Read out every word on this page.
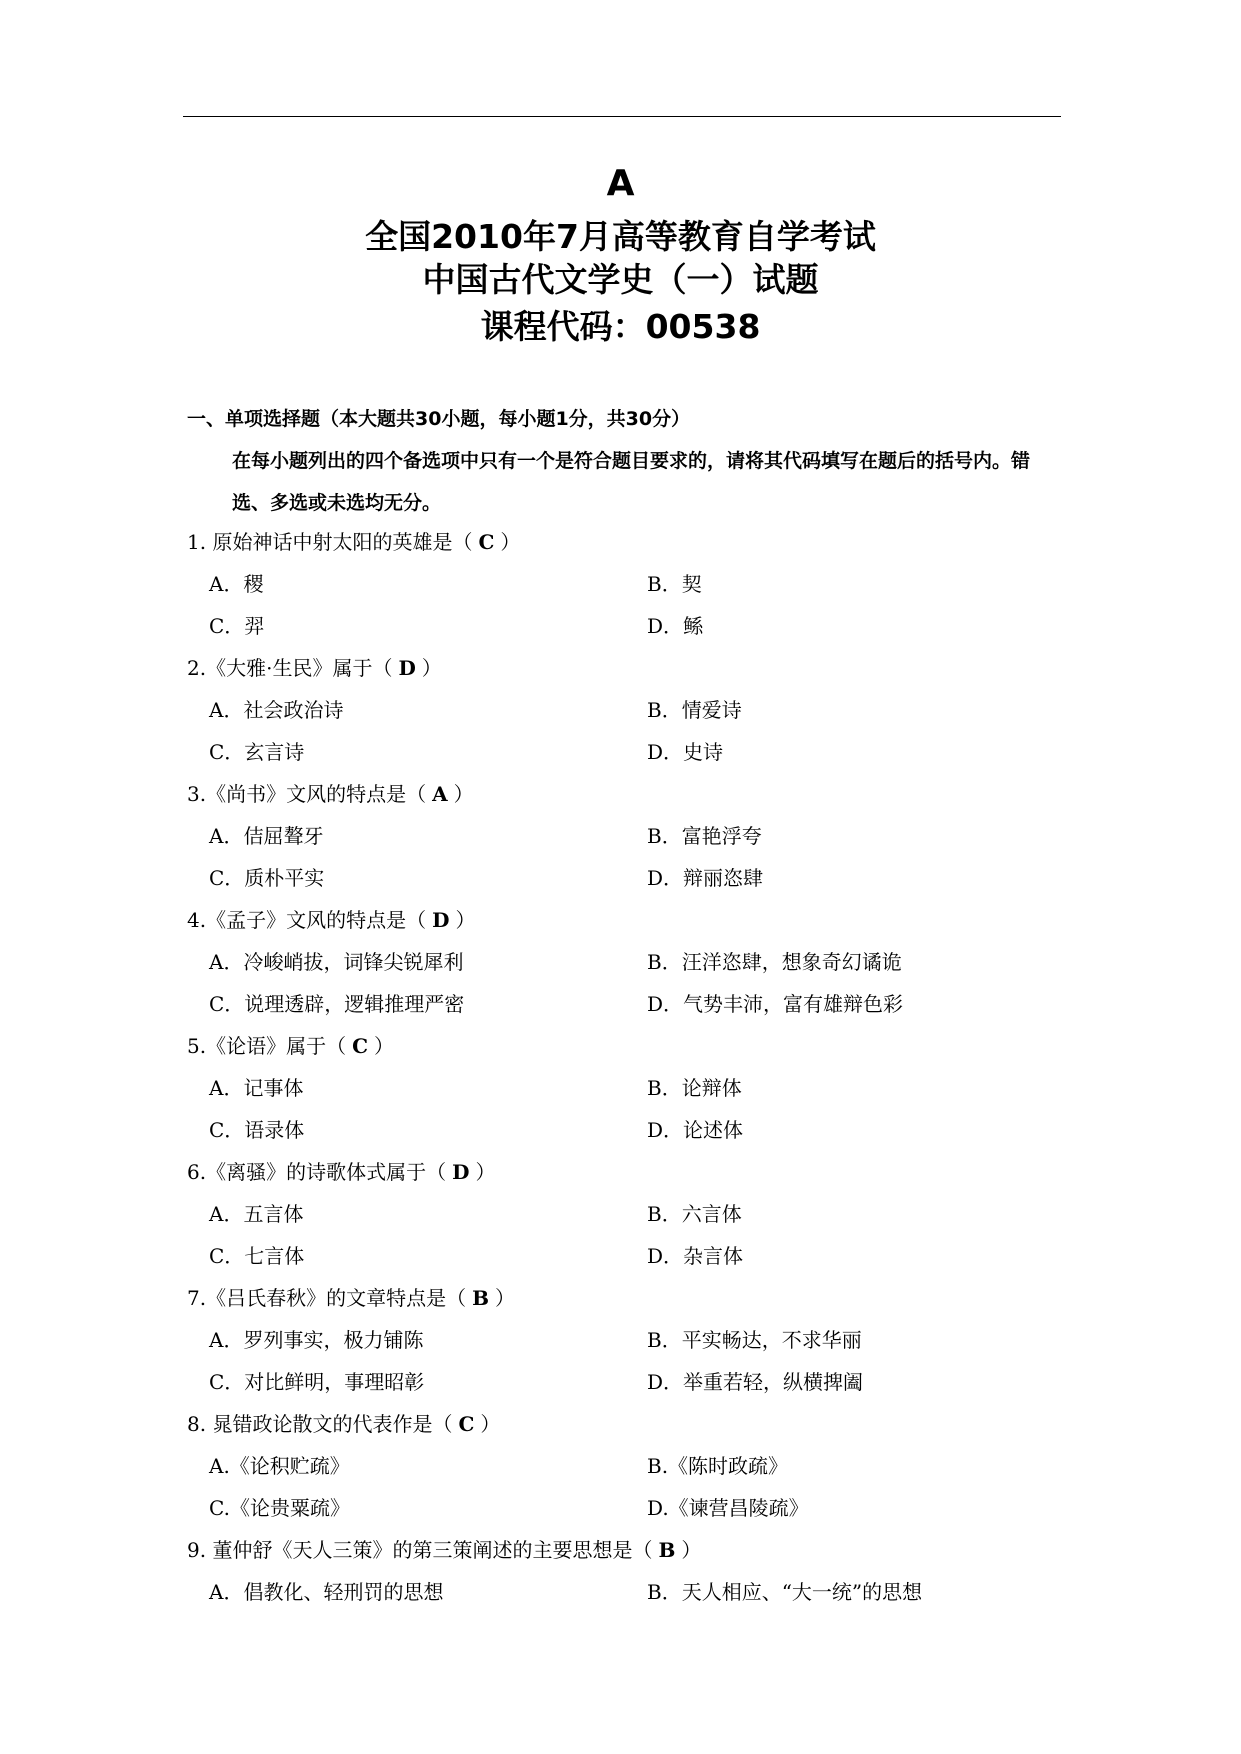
A
全国2010年7月高等教育自学考试
中国古代文学史（一）试题
课程代码：00538
一、单项选择题（本大题共30小题，每小题1分，共30分）
在每小题列出的四个备选项中只有一个是符合题目要求的，请将其代码填写在题后的括号内。错选、多选或未选均无分。
1. 原始神话中射太阳的英雄是（ C ）
A．稷	B．契
C．羿	D．鲧
2.《大雅·生民》属于（ D ）
A．社会政治诗	B．情爱诗
C．玄言诗	D．史诗
3.《尚书》文风的特点是（ A ）
A．佶屈聱牙	B．富艳浮夸
C．质朴平实	D．辩丽恣肆
4.《孟子》文风的特点是（ D ）
A．冷峻峭拔，词锋尖锐犀利	B．汪洋恣肆，想象奇幻谲诡
C．说理透辟，逻辑推理严密	D．气势丰沛，富有雄辩色彩
5.《论语》属于（ C ）
A．记事体	B．论辩体
C．语录体	D．论述体
6.《离骚》的诗歌体式属于（ D ）
A．五言体	B．六言体
C．七言体	D．杂言体
7.《吕氏春秋》的文章特点是（ B ）
A．罗列事实，极力铺陈	B．平实畅达，不求华丽
C．对比鲜明，事理昭彰	D．举重若轻，纵横捭阖
8. 晁错政论散文的代表作是（ C ）
A.《论积贮疏》	B.《陈时政疏》
C.《论贵粟疏》	D.《谏营昌陵疏》
9. 董仲舒《天人三策》的第三策阐述的主要思想是（ B ）
A．倡教化、轻刑罚的思想	B．天人相应、“大一统”的思想
